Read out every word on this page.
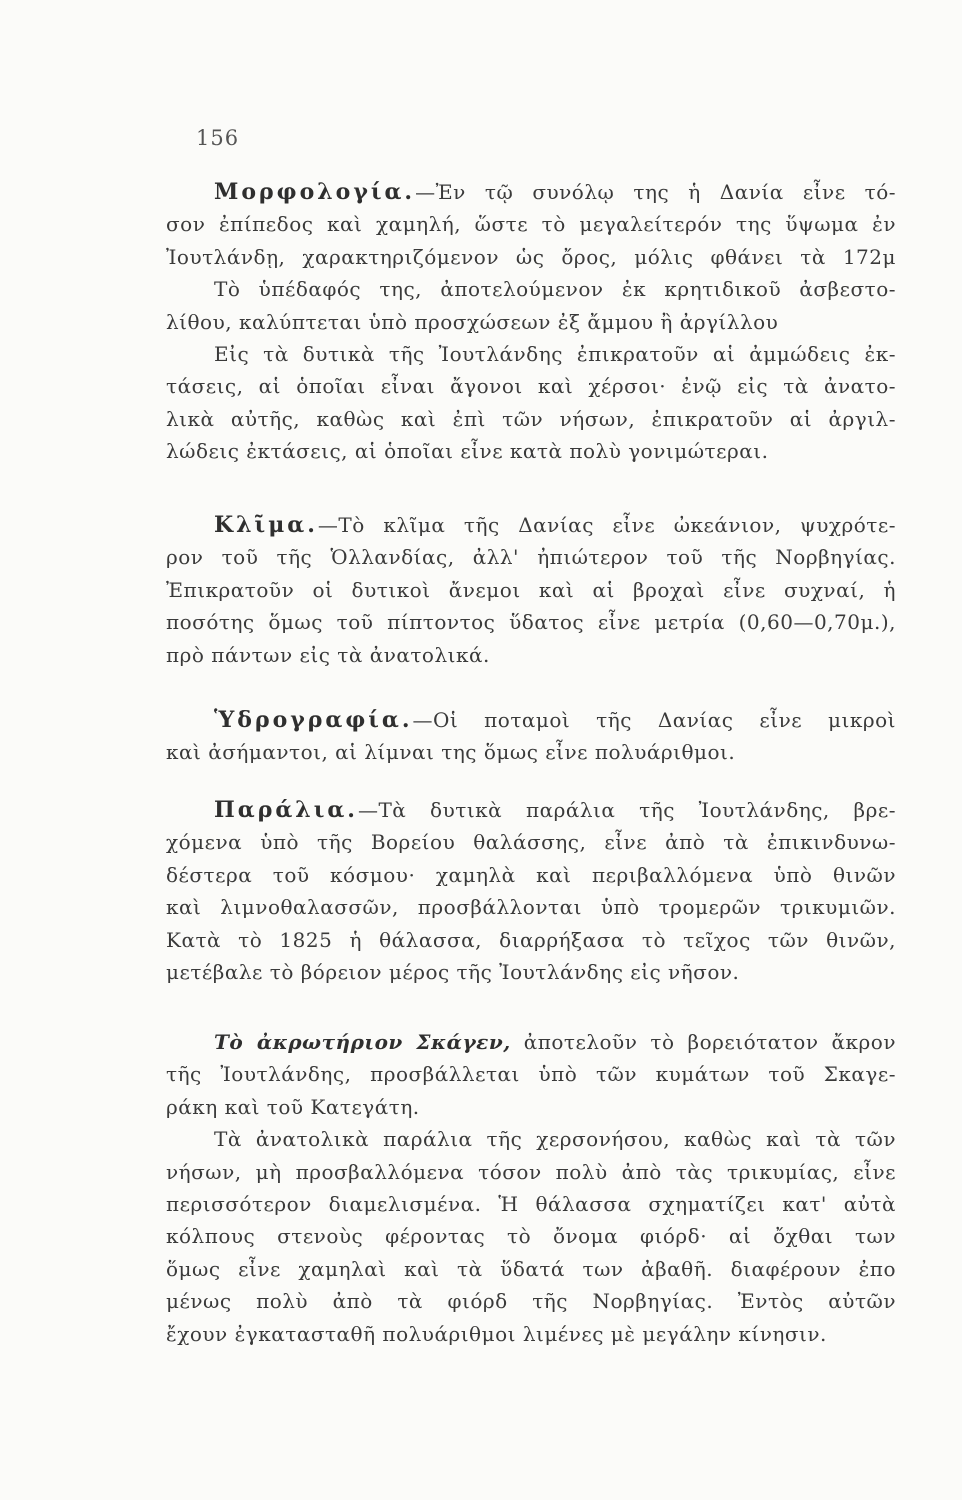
156
Μορφολογία.—Ἐν τῷ συνόλῳ της ἡ Δανία εἶνε τό-
σον ἐπίπεδος καὶ χαμηλή, ὥστε τὸ μεγαλείτερόν της ὕψωμα ἐν
Ἰουτλάνδῃ, χαρακτηριζόμενον ὡς ὄρος, μόλις φθάνει τὰ 172μ
Τὸ ὑπέδαφός της, ἀποτελούμενον ἐκ κρητιδικοῦ ἀσβεστο-
λίθου, καλύπτεται ὑπὸ προσχώσεων ἐξ ἄμμου ἢ ἀργίλλου
Εἰς τὰ δυτικὰ τῆς Ἰουτλάνδης ἐπικρατοῦν αἱ ἀμμώδεις ἐκ-
τάσεις, αἱ ὁποῖαι εἶναι ἄγονοι καὶ χέρσοι· ἐνῷ εἰς τὰ ἀνατο-
λικὰ αὐτῆς, καθὼς καὶ ἐπὶ τῶν νήσων, ἐπικρατοῦν αἱ ἀργιλ-
λώδεις ἐκτάσεις, αἱ ὁποῖαι εἶνε κατὰ πολὺ γονιμώτεραι.
Κλῖμα.—Τὸ κλῖμα τῆς Δανίας εἶνε ὠκεάνιον, ψυχρότε-
ρον τοῦ τῆς Ὁλλανδίας, ἀλλ' ἠπιώτερον τοῦ τῆς Νορβηγίας.
Ἐπικρατοῦν οἱ δυτικοὶ ἄνεμοι καὶ αἱ βροχαὶ εἶνε συχναί, ἡ
ποσότης ὅμως τοῦ πίπτοντος ὕδατος εἶνε μετρία (0,60—0,70μ.),
πρὸ πάντων εἰς τὰ ἀνατολικά.
Ὑδρογραφία.—Οἱ ποταμοὶ τῆς Δανίας εἶνε μικροὶ
καὶ ἀσήμαντοι, αἱ λίμναι της ὅμως εἶνε πολυάριθμοι.
Παράλια.—Τὰ δυτικὰ παράλια τῆς Ἰουτλάνδης, βρε-
χόμενα ὑπὸ τῆς Βορείου θαλάσσης, εἶνε ἀπὸ τὰ ἐπικινδυνω-
δέστερα τοῦ κόσμου· χαμηλὰ καὶ περιβαλλόμενα ὑπὸ θινῶν
καὶ λιμνοθαλασσῶν, προσβάλλονται ὑπὸ τρομερῶν τρικυμιῶν.
Κατὰ τὸ 1825 ἡ θάλασσα, διαρρήξασα τὸ τεῖχος τῶν θινῶν,
μετέβαλε τὸ βόρειον μέρος τῆς Ἰουτλάνδης εἰς νῆσον.
Τὸ ἀκρωτήριον Σκάγεν, ἀποτελοῦν τὸ βορειότατον ἄκρον
τῆς Ἰουτλάνδης, προσβάλλεται ὑπὸ τῶν κυμάτων τοῦ Σκαγε-
ράκη καὶ τοῦ Κατεγάτη.
Τὰ ἀνατολικὰ παράλια τῆς χερσονήσου, καθὼς καὶ τὰ τῶν
νήσων, μὴ προσβαλλόμενα τόσον πολὺ ἀπὸ τὰς τρικυμίας, εἶνε
περισσότερον διαμελισμένα. Ἡ θάλασσα σχηματίζει κατ' αὐτὰ
κόλπους στενοὺς φέροντας τὸ ὄνομα φιόρδ· αἱ ὄχθαι των
ὅμως εἶνε χαμηλαὶ καὶ τὰ ὕδατά των ἀβαθῆ. διαφέρουν ἐπο
μένως πολὺ ἀπὸ τὰ φιόρδ τῆς Νορβηγίας. Ἐντὸς αὐτῶν
ἔχουν ἐγκατασταθῆ πολυάριθμοι λιμένες μὲ μεγάλην κίνησιν.
